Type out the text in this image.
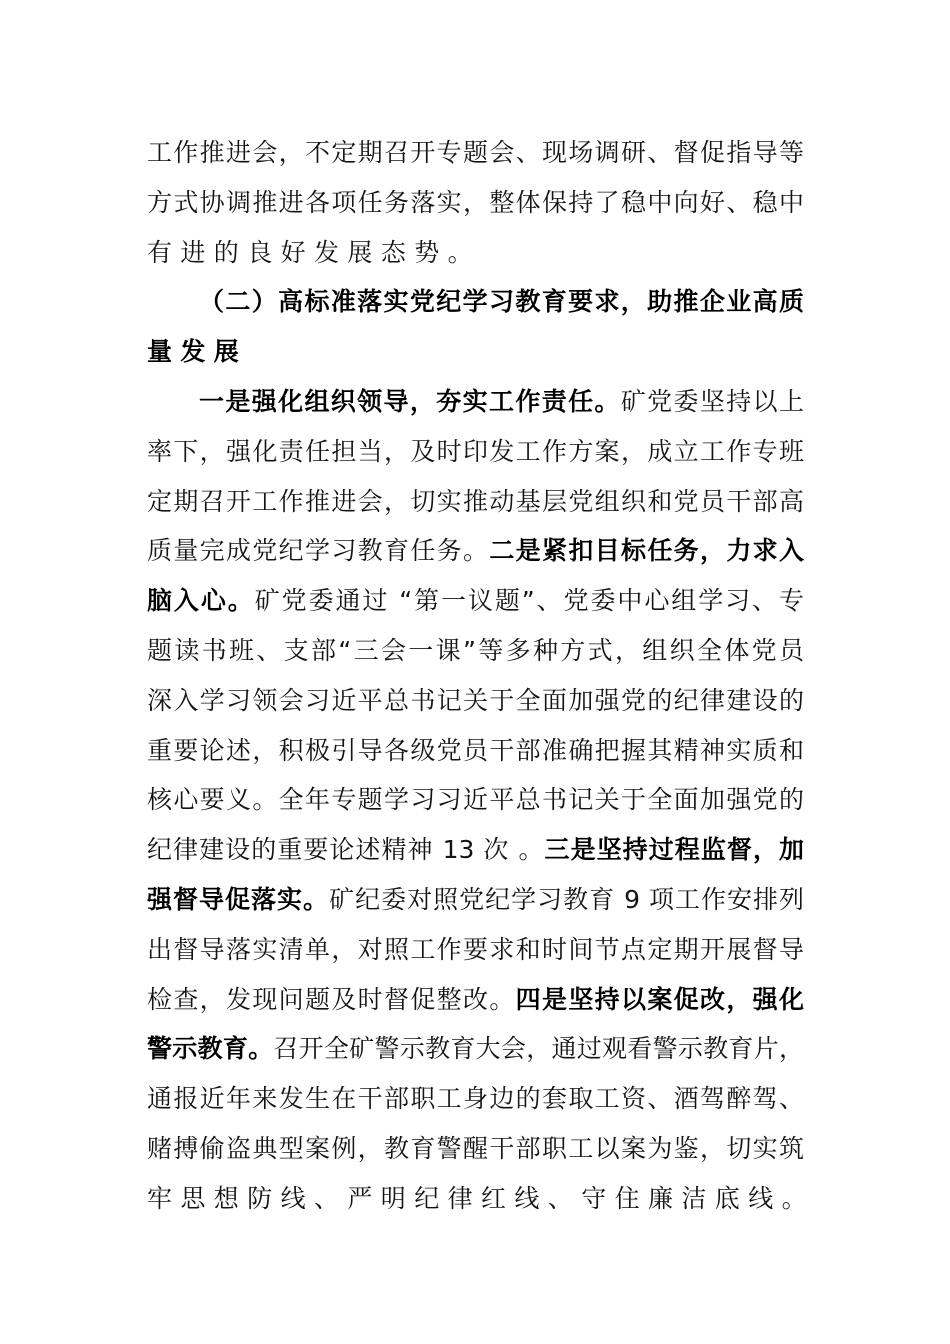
工作推进会，不定期召开专题会、现场调研、督促指导等
方式协调推进各项任务落实，整体保持了稳中向好、稳中
有进的良好发展态势。
（二）高标准落实党纪学习教育要求，助推企业高质
量发展
一是强化组织领导，夯实工作责任。矿党委坚持以上
率下，强化责任担当，及时印发工作方案，成立工作专班
定期召开工作推进会，切实推动基层党组织和党员干部高
质量完成党纪学习教育任务。二是紧扣目标任务，力求入
脑入心。矿党委通过 “第一议题”、党委中心组学习、专
题读书班、支部“三会一课”等多种方式，组织全体党员
深入学习领会习近平总书记关于全面加强党的纪律建设的
重要论述，积极引导各级党员干部准确把握其精神实质和
核心要义。全年专题学习习近平总书记关于全面加强党的
纪律建设的重要论述精神 13 次 。三是坚持过程监督，加
强督导促落实。矿纪委对照党纪学习教育 9 项工作安排列
出督导落实清单，对照工作要求和时间节点定期开展督导
检查，发现问题及时督促整改。四是坚持以案促改，强化
警示教育。召开全矿警示教育大会，通过观看警示教育片，
通报近年来发生在干部职工身边的套取工资、酒驾醉驾、
赌搏偷盗典型案例，教育警醒干部职工以案为鉴，切实筑
牢思想防线、严明纪律红线、守住廉洁底线。
